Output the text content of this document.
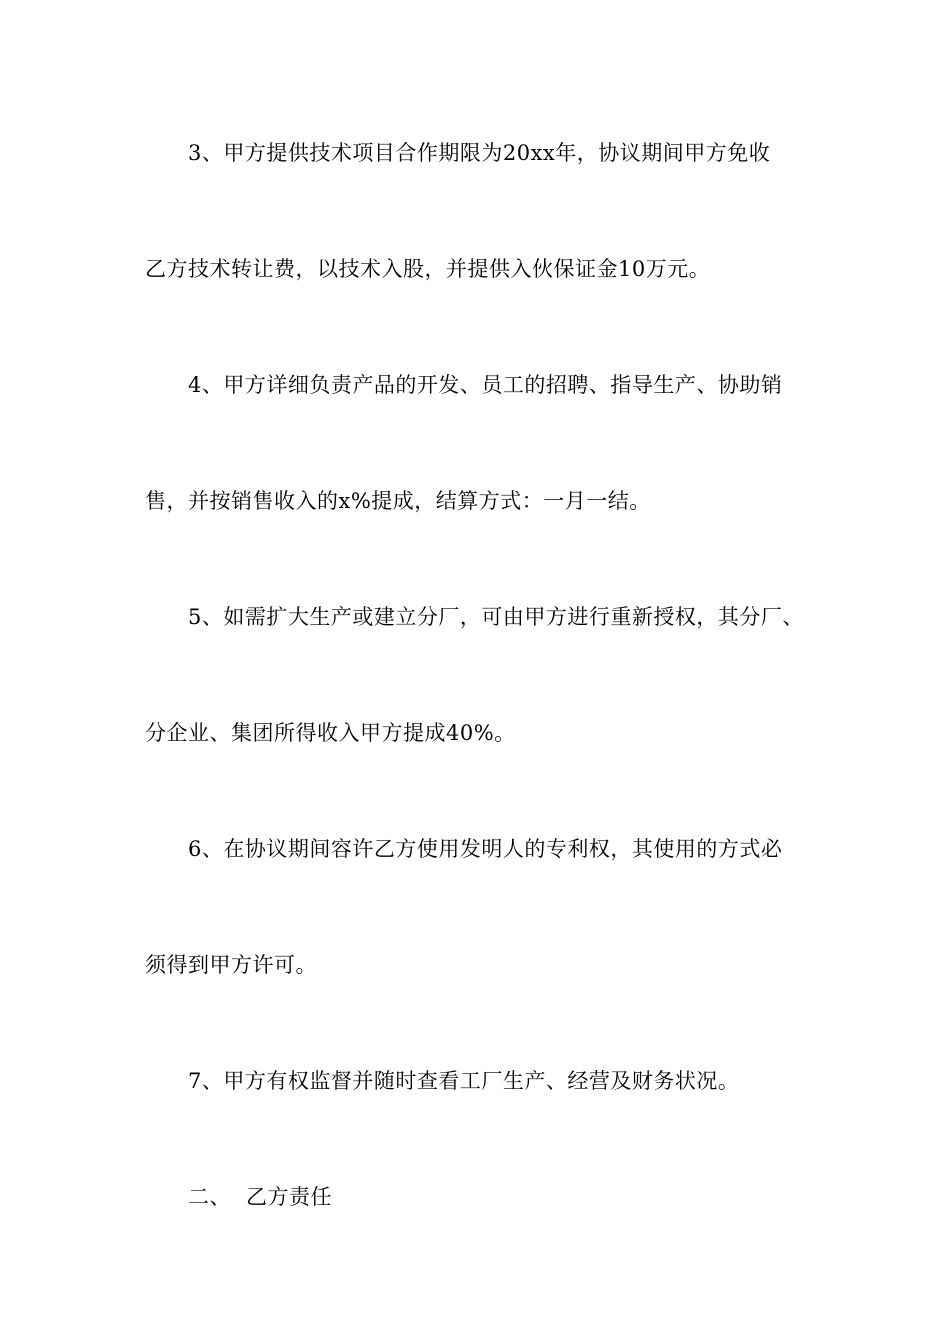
3、甲方提供技术项目合作期限为20xx年，协议期间甲方免收
乙方技术转让费，以技术入股，并提供入伙保证金10万元。
4、甲方详细负责产品的开发、员工的招聘、指导生产、协助销
售，并按销售收入的x%提成，结算方式：一月一结。
5、如需扩大生产或建立分厂，可由甲方进行重新授权，其分厂、
分企业、集团所得收入甲方提成40%。
6、在协议期间容许乙方使用发明人的专利权，其使用的方式必
须得到甲方许可。
7、甲方有权监督并随时查看工厂生产、经营及财务状况。
二、 乙方责任
